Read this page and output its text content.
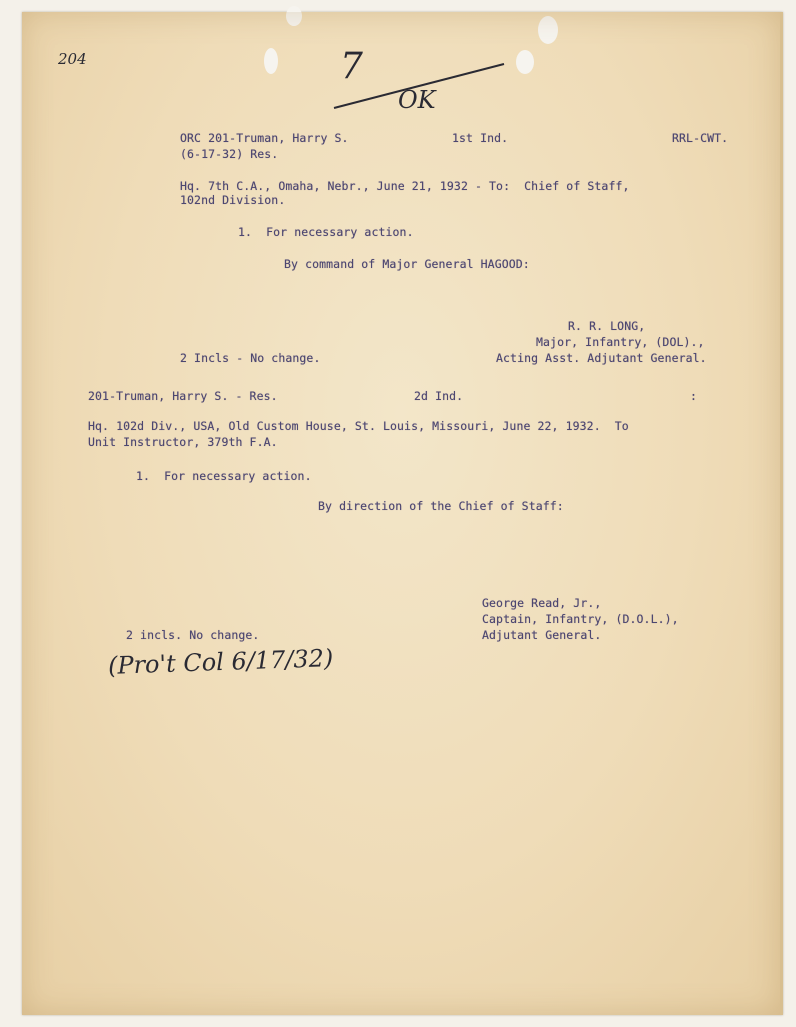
204	7
OK
ORC 201-Truman, Harry S.	1st Ind.	RRL-CWT.
(6-17-32) Res.
Hq. 7th C.A., Omaha, Nebr., June 21, 1932 - To:  Chief of Staff,
102nd Division.
1.  For necessary action.
By command of Major General HAGOOD:
R. R. LONG,
Major, Infantry, (DOL).,
2 Incls - No change.	Acting Asst. Adjutant General.
201-Truman, Harry S. - Res.	2d Ind.	:
Hq. 102d Div., USA, Old Custom House, St. Louis, Missouri, June 22, 1932.  To
Unit Instructor, 379th F.A.
1.  For necessary action.
By direction of the Chief of Staff:
George Read, Jr.,
Captain, Infantry, (D.O.L.),
2 incls. No change.	Adjutant General.
(Pro't Col 6/17/32)
